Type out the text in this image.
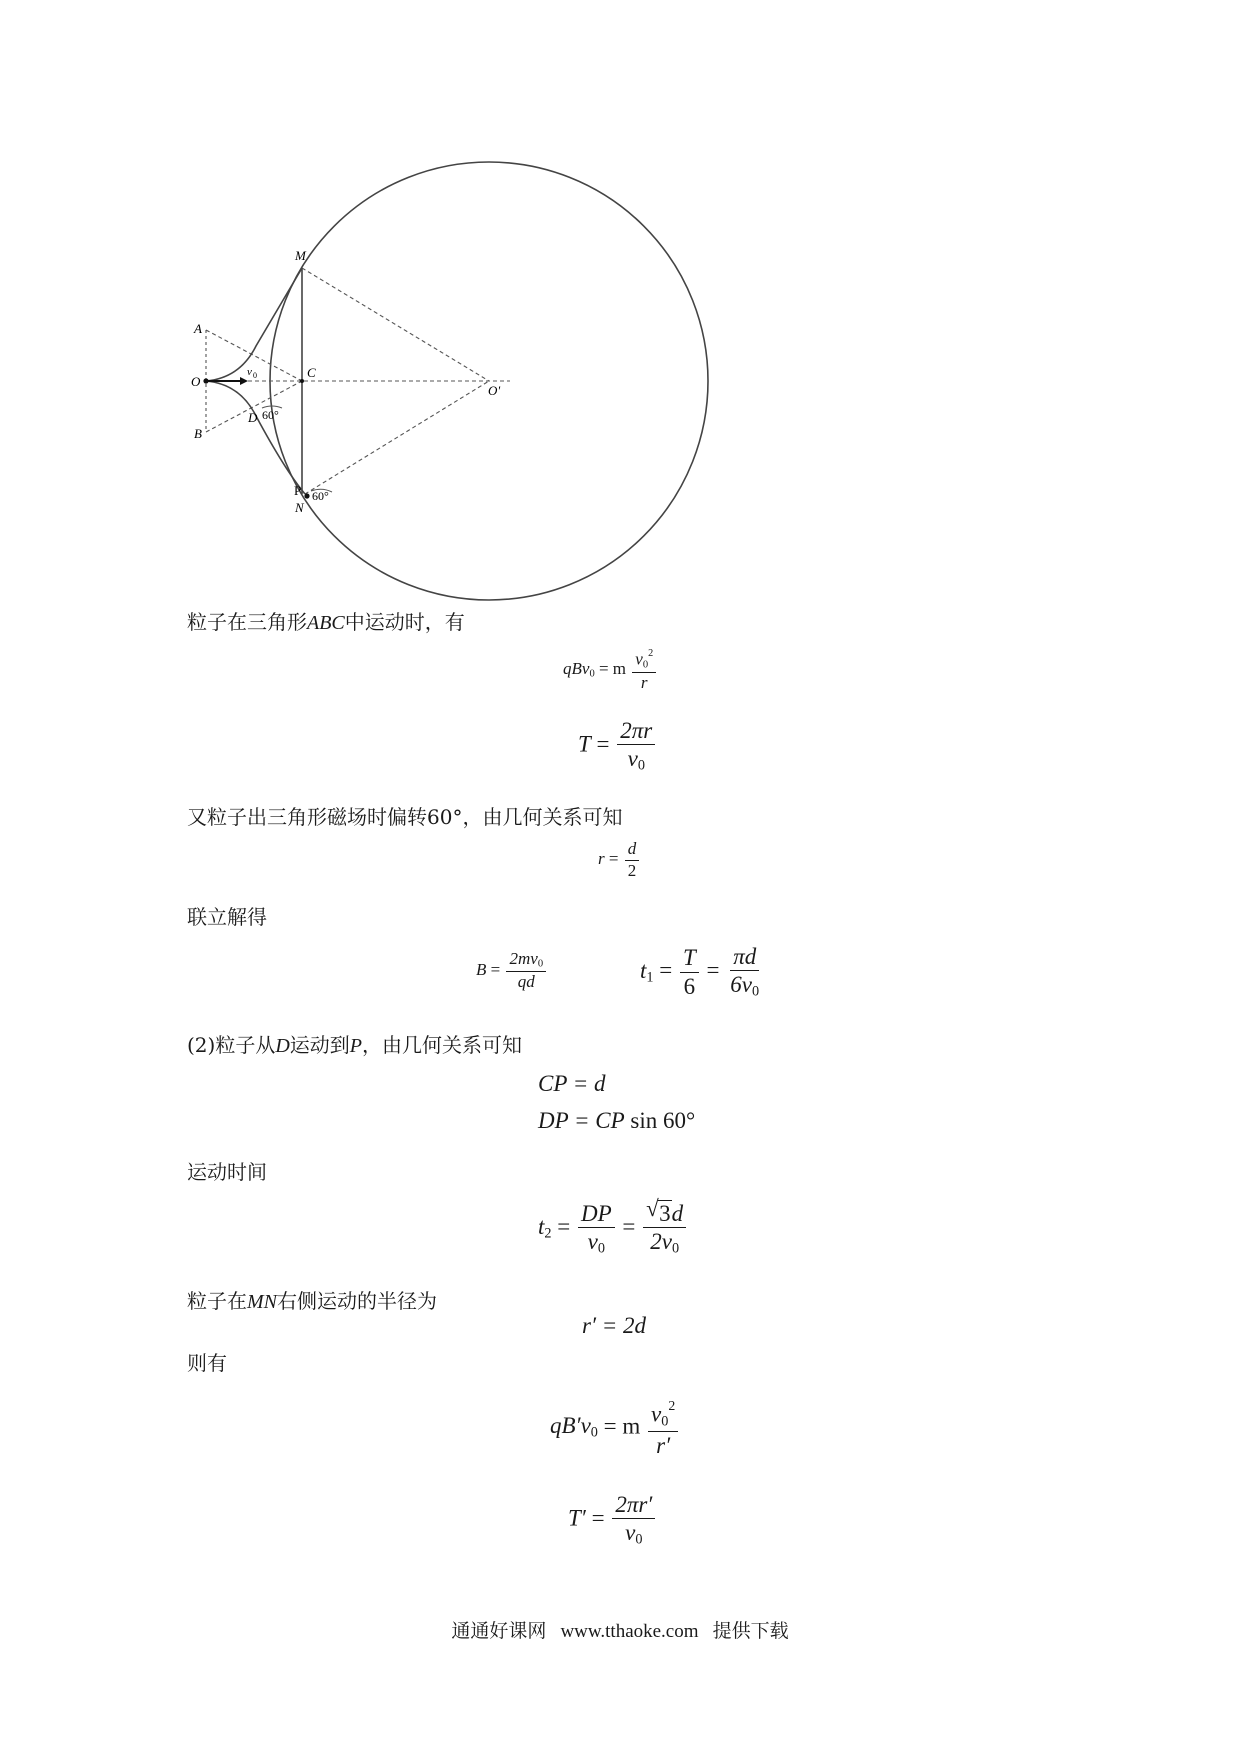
M
A
O
C
O'
B
D 60°
P 60°
N
v 0
粒子在三角形ABC中运动时，有
qBv$_0$ = m $\frac{v_0^2}{r}$
$T = \frac{2\pi r}{v_0}$
又粒子出三角形磁场时偏转60°，由几何关系可知
$r = \frac{d}{2}$
联立解得
$B = \frac{2mv_0}{qd}$	$t_1 = \frac{T}{6} = \frac{\pi d}{6v_0}$
(2)粒子从D运动到P，由几何关系可知
CP = d
DP = CP sin 60°
运动时间
$t_2 = \frac{DP}{v_0} = \frac{√ 3d}{2v_0}$
粒子在MN右侧运动的半径为
r′ = 2d
则有
$qB'v_0 = m \frac{v_0^2}{r'}$
$T' = \frac{2\pi r'}{v_0}$
通通好课网 www.tthaoke.com 提供下载
